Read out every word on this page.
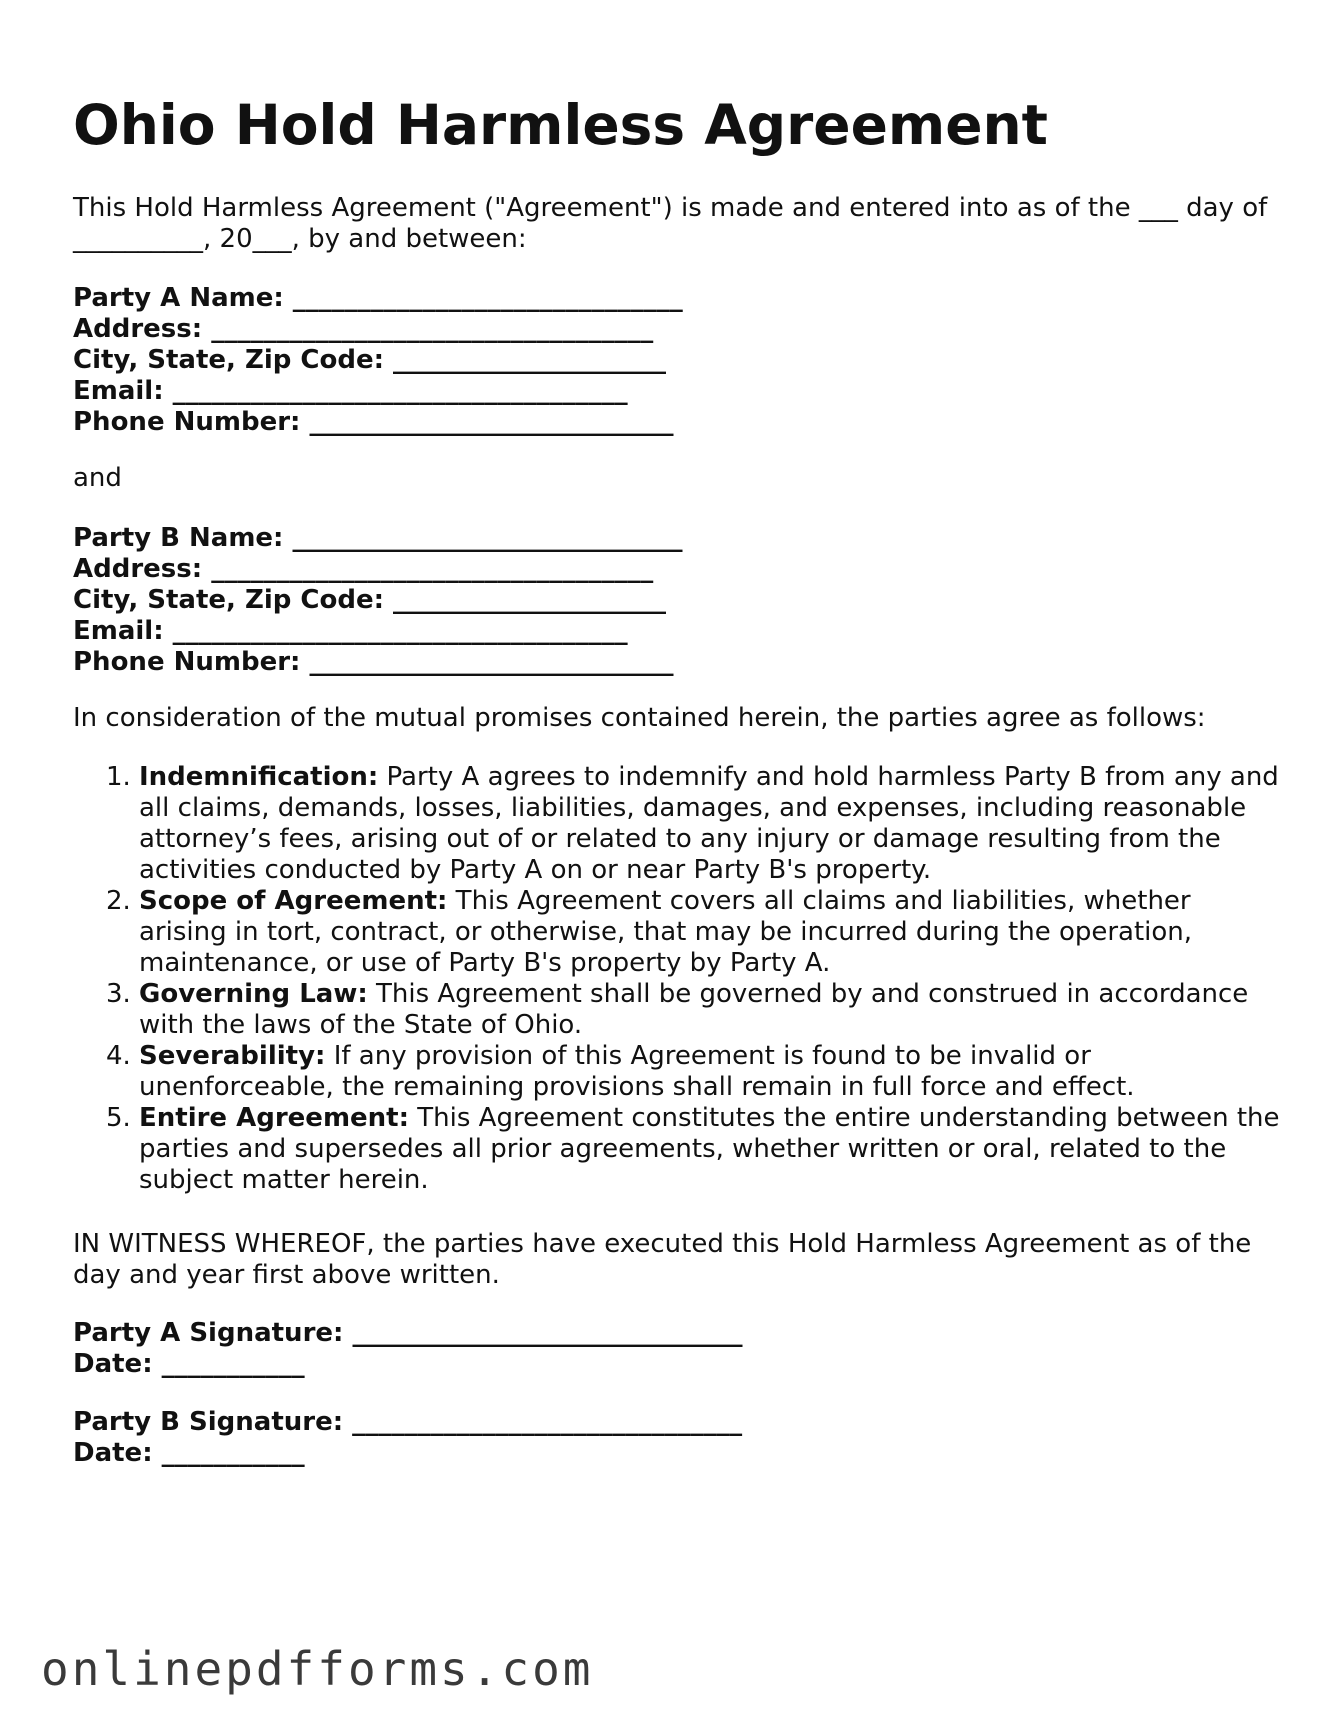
Ohio Hold Harmless Agreement

This Hold Harmless Agreement ("Agreement") is made and entered into as of the ___ day of __________, 20___, by and between:

Party A Name: ______________________________
Address: __________________________________
City, State, Zip Code: _____________________
Email: ___________________________________
Phone Number: ____________________________

and

Party B Name: ______________________________
Address: __________________________________
City, State, Zip Code: _____________________
Email: ___________________________________
Phone Number: ____________________________

In consideration of the mutual promises contained herein, the parties agree as follows:

1. Indemnification: Party A agrees to indemnify and hold harmless Party B from any and all claims, demands, losses, liabilities, damages, and expenses, including reasonable attorney’s fees, arising out of or related to any injury or damage resulting from the activities conducted by Party A on or near Party B's property.
2. Scope of Agreement: This Agreement covers all claims and liabilities, whether arising in tort, contract, or otherwise, that may be incurred during the operation, maintenance, or use of Party B's property by Party A.
3. Governing Law: This Agreement shall be governed by and construed in accordance with the laws of the State of Ohio.
4. Severability: If any provision of this Agreement is found to be invalid or unenforceable, the remaining provisions shall remain in full force and effect.
5. Entire Agreement: This Agreement constitutes the entire understanding between the parties and supersedes all prior agreements, whether written or oral, related to the subject matter herein.

IN WITNESS WHEREOF, the parties have executed this Hold Harmless Agreement as of the day and year first above written.

Party A Signature: ______________________________
Date: ___________
Party B Signature: ______________________________
Date: ___________
onlinepdfforms.com
